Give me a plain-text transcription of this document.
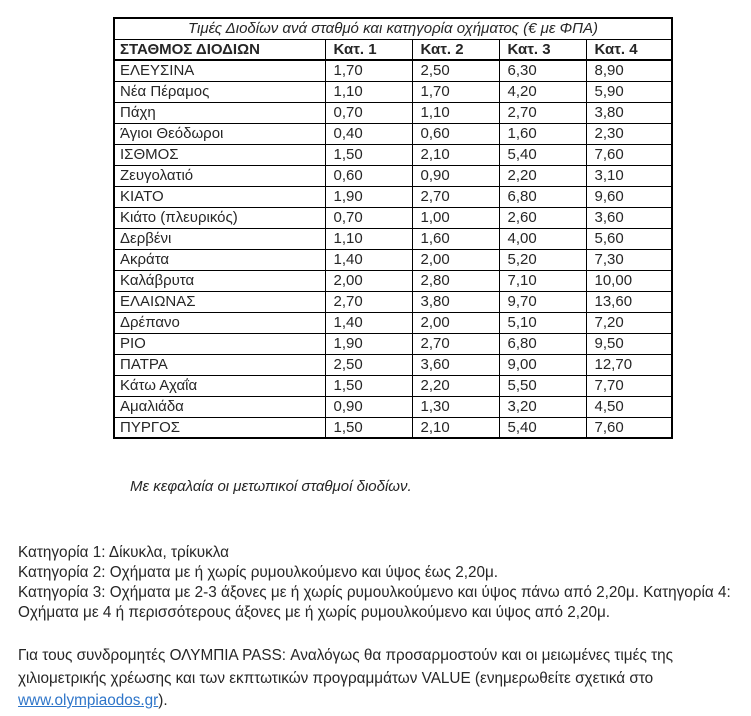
Τιμές Διοδίων ανά σταθμό και κατηγορία οχήματος (€ με ΦΠΑ)				
ΣΤΑΘΜΟΣ ΔΙΟΔΙΩΝ	Κατ. 1	Κατ. 2	Κατ. 3	Κατ. 4
ΕΛΕΥΣΙΝΑ	1,70	2,50	6,30	8,90
Νέα Πέραμος	1,10	1,70	4,20	5,90
Πάχη	0,70	1,10	2,70	3,80
Άγιοι Θεόδωροι	0,40	0,60	1,60	2,30
ΙΣΘΜΟΣ	1,50	2,10	5,40	7,60
Ζευγολατιό	0,60	0,90	2,20	3,10
ΚΙΑΤΟ	1,90	2,70	6,80	9,60
Κιάτο (πλευρικός)	0,70	1,00	2,60	3,60
Δερβένι	1,10	1,60	4,00	5,60
Ακράτα	1,40	2,00	5,20	7,30
Καλάβρυτα	2,00	2,80	7,10	10,00
ΕΛΑΙΩΝΑΣ	2,70	3,80	9,70	13,60
Δρέπανο	1,40	2,00	5,10	7,20
ΡΙΟ	1,90	2,70	6,80	9,50
ΠΑΤΡΑ	2,50	3,60	9,00	12,70
Κάτω Αχαΐα	1,50	2,20	5,50	7,70
Αμαλιάδα	0,90	1,30	3,20	4,50
ΠΥΡΓΟΣ	1,50	2,10	5,40	7,60
Με κεφαλαία οι μετωπικοί σταθμοί διοδίων.
Κατηγορία 1: Δίκυκλα, τρίκυκλα
Κατηγορία 2: Οχήματα με ή χωρίς ρυμουλκούμενο και ύψος έως 2,20μ.
Κατηγορία 3: Οχήματα με 2-3 άξονες με ή χωρίς ρυμουλκούμενο και ύψος πάνω από 2,20μ. Κατηγορία 4:
Οχήματα με 4 ή περισσότερους άξονες με ή χωρίς ρυμουλκούμενο και ύψος από 2,20μ.
Για τους συνδρομητές ΟΛΥΜΠΙΑ PASS: Αναλόγως θα προσαρμοστούν και οι μειωμένες τιμές της
χιλιομετρικής χρέωσης και των εκπτωτικών προγραμμάτων VALUE (ενημερωθείτε σχετικά στο
www.olympiaodos.gr).
